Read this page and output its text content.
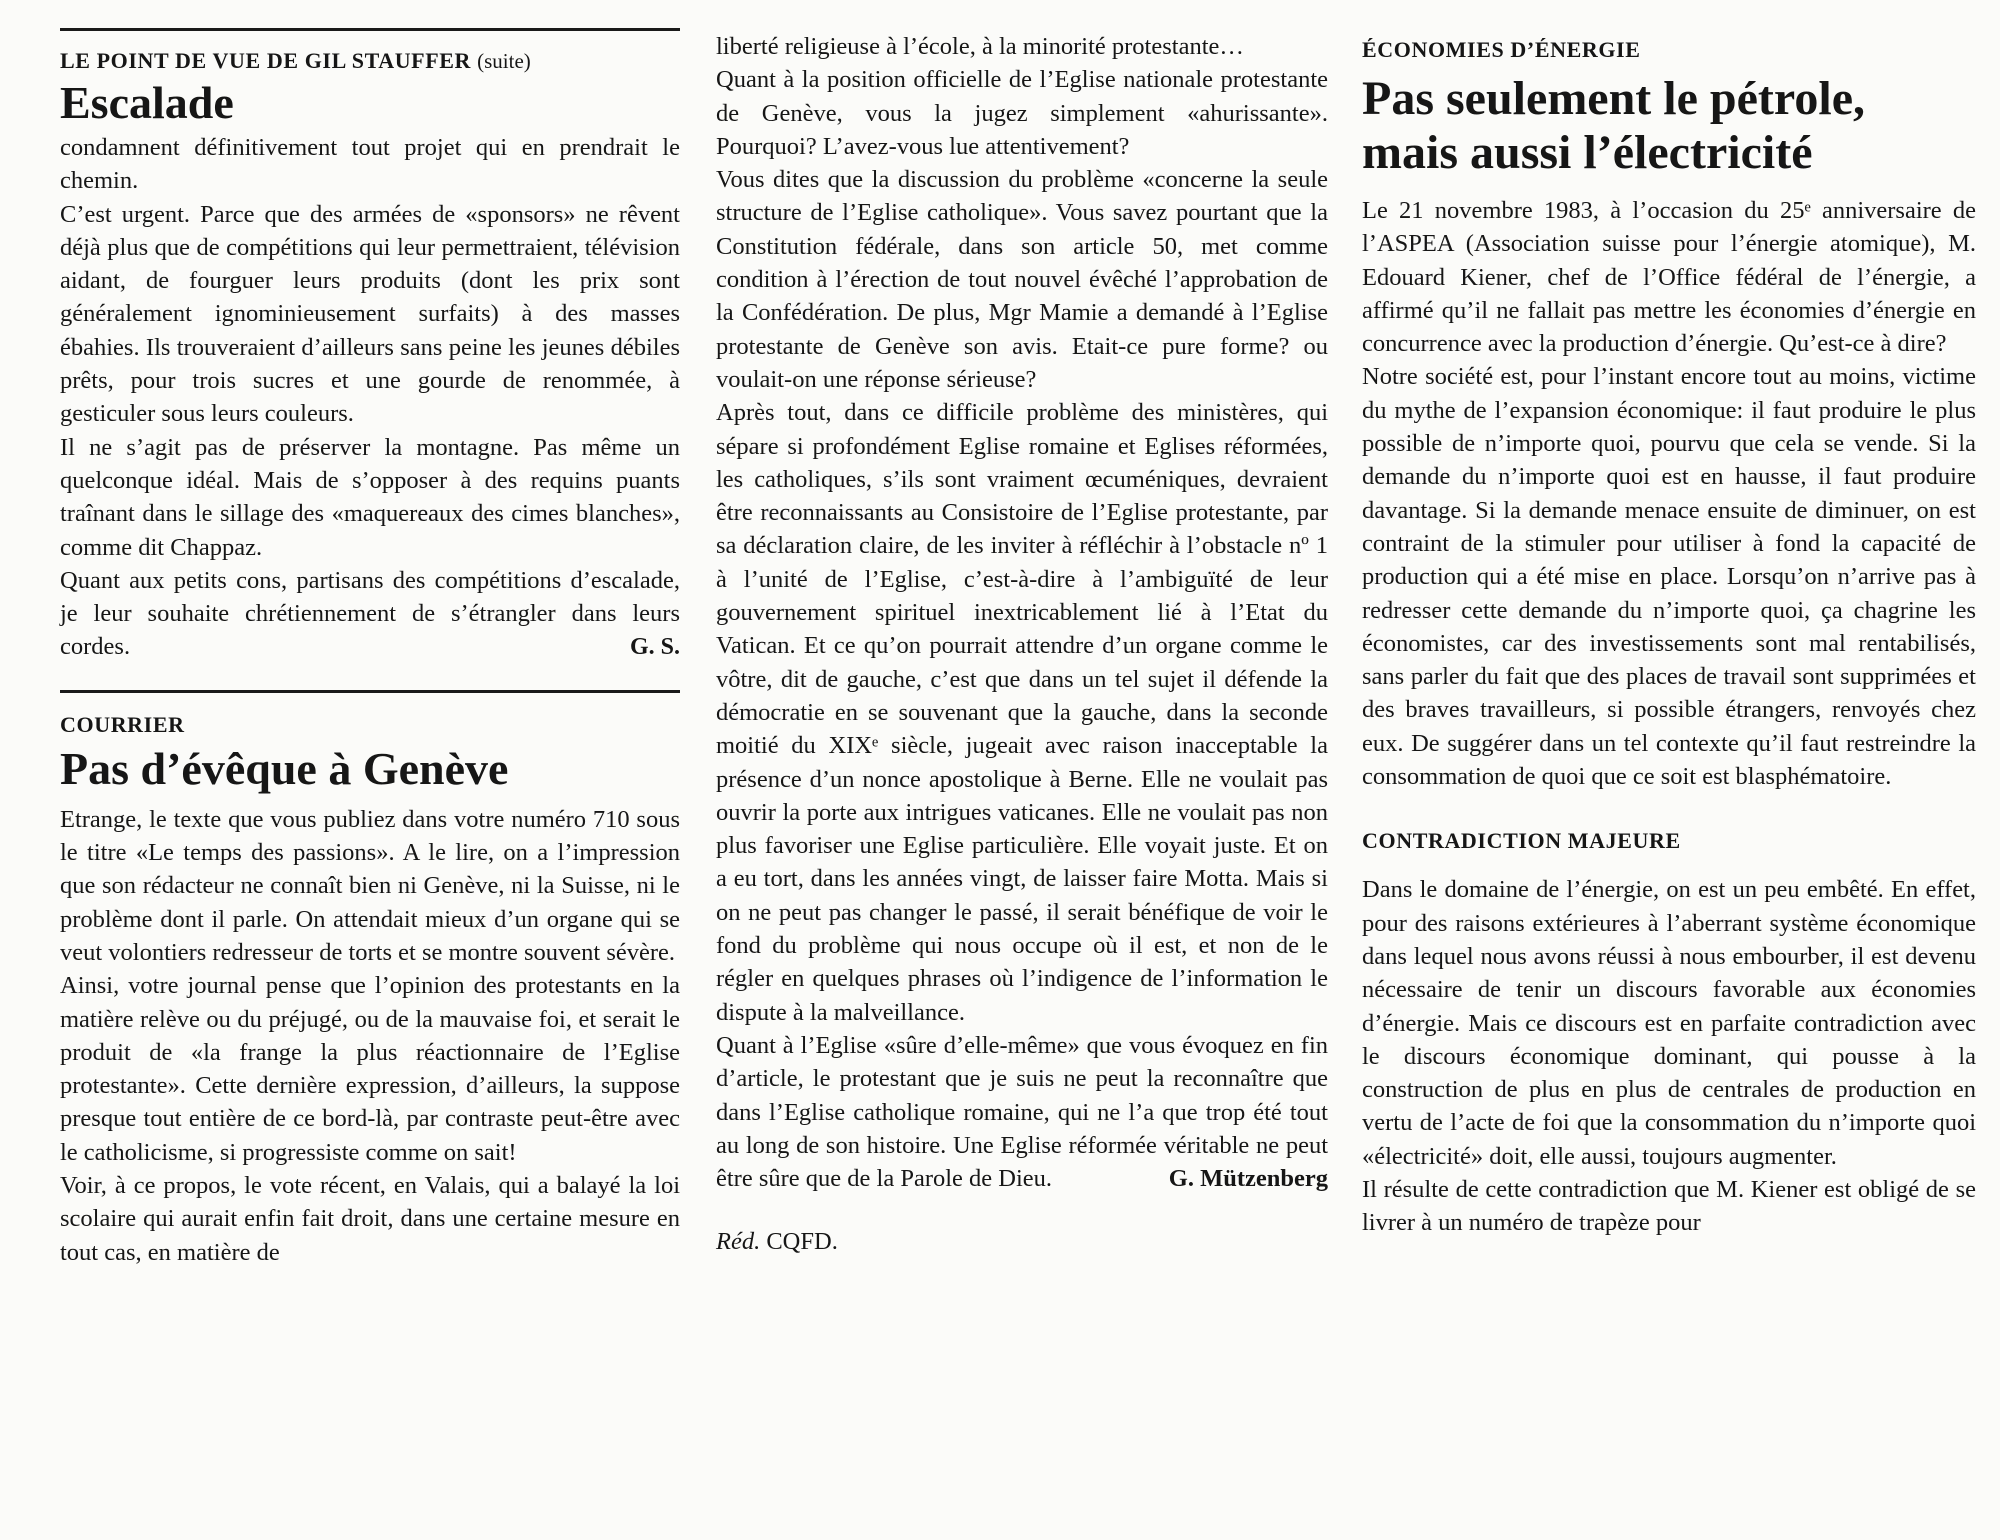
LE POINT DE VUE DE GIL STAUFFER (suite)
Escalade

condamnent définitivement tout projet qui en prendrait le chemin.

C’est urgent. Parce que des armées de «sponsors» ne rêvent déjà plus que de compétitions qui leur permettraient, télévision aidant, de fourguer leurs produits (dont les prix sont généralement ignominieusement surfaits) à des masses ébahies. Ils trouveraient d’ailleurs sans peine les jeunes débiles prêts, pour trois sucres et une gourde de renommée, à gesticuler sous leurs couleurs.

Il ne s’agit pas de préserver la montagne. Pas même un quelconque idéal. Mais de s’opposer à des requins puants traînant dans le sillage des «maquereaux des cimes blanches», comme dit Chappaz.

Quant aux petits cons, partisans des compétitions d’escalade, je leur souhaite chrétiennement de s’étrangler dans leurs cordes.	G. S.
COURRIER
Pas d’évêque à Genève

Etrange, le texte que vous publiez dans votre numéro 710 sous le titre «Le temps des passions». A le lire, on a l’impression que son rédacteur ne connaît bien ni Genève, ni la Suisse, ni le problème dont il parle. On attendait mieux d’un organe qui se veut volontiers redresseur de torts et se montre souvent sévère.

Ainsi, votre journal pense que l’opinion des protestants en la matière relève ou du préjugé, ou de la mauvaise foi, et serait le produit de «la frange la plus réactionnaire de l’Eglise protestante». Cette dernière expression, d’ailleurs, la suppose presque tout entière de ce bord-là, par contraste peut-être avec le catholicisme, si progressiste comme on sait!

Voir, à ce propos, le vote récent, en Valais, qui a balayé la loi scolaire qui aurait enfin fait droit, dans une certaine mesure en tout cas, en matière de

liberté religieuse à l’école, à la minorité protestante…

Quant à la position officielle de l’Eglise nationale protestante de Genève, vous la jugez simplement «ahurissante». Pourquoi? L’avez-vous lue attentivement?

Vous dites que la discussion du problème «concerne la seule structure de l’Eglise catholique». Vous savez pourtant que la Constitution fédérale, dans son article 50, met comme condition à l’érection de tout nouvel évêché l’approbation de la Confédération. De plus, Mgr Mamie a demandé à l’Eglise protestante de Genève son avis. Etait-ce pure forme? ou voulait-on une réponse sérieuse?

Après tout, dans ce difficile problème des ministères, qui sépare si profondément Eglise romaine et Eglises réformées, les catholiques, s’ils sont vraiment œcuméniques, devraient être reconnaissants au Consistoire de l’Eglise protestante, par sa déclaration claire, de les inviter à réfléchir à l’obstacle nº 1 à l’unité de l’Eglise, c’est-à-dire à l’ambiguïté de leur gouvernement spirituel inextricablement lié à l’Etat du Vatican. Et ce qu’on pourrait attendre d’un organe comme le vôtre, dit de gauche, c’est que dans un tel sujet il défende la démocratie en se souvenant que la gauche, dans la seconde moitié du XIXᵉ siècle, jugeait avec raison inacceptable la présence d’un nonce apostolique à Berne. Elle ne voulait pas ouvrir la porte aux intrigues vaticanes. Elle ne voulait pas non plus favoriser une Eglise particulière. Elle voyait juste. Et on a eu tort, dans les années vingt, de laisser faire Motta. Mais si on ne peut pas changer le passé, il serait bénéfique de voir le fond du problème qui nous occupe où il est, et non de le régler en quelques phrases où l’indigence de l’information le dispute à la malveillance.

Quant à l’Eglise «sûre d’elle-même» que vous évoquez en fin d’article, le protestant que je suis ne peut la reconnaître que dans l’Eglise catholique romaine, qui ne l’a que trop été tout au long de son histoire. Une Eglise réformée véritable ne peut être sûre que de la Parole de Dieu.	G. Mützenberg

Réd. CQFD.

ÉCONOMIES D’ÉNERGIE
Pas seulement le pétrole,
mais aussi l’électricité

Le 21 novembre 1983, à l’occasion du 25ᵉ anniversaire de l’ASPEA (Association suisse pour l’énergie atomique), M. Edouard Kiener, chef de l’Office fédéral de l’énergie, a affirmé qu’il ne fallait pas mettre les économies d’énergie en concurrence avec la production d’énergie. Qu’est-ce à dire?

Notre société est, pour l’instant encore tout au moins, victime du mythe de l’expansion économique: il faut produire le plus possible de n’importe quoi, pourvu que cela se vende. Si la demande du n’importe quoi est en hausse, il faut produire davantage. Si la demande menace ensuite de diminuer, on est contraint de la stimuler pour utiliser à fond la capacité de production qui a été mise en place. Lorsqu’on n’arrive pas à redresser cette demande du n’importe quoi, ça chagrine les économistes, car des investissements sont mal rentabilisés, sans parler du fait que des places de travail sont supprimées et des braves travailleurs, si possible étrangers, renvoyés chez eux. De suggérer dans un tel contexte qu’il faut restreindre la consommation de quoi que ce soit est blasphématoire.

CONTRADICTION MAJEURE

Dans le domaine de l’énergie, on est un peu embêté. En effet, pour des raisons extérieures à l’aberrant système économique dans lequel nous avons réussi à nous embourber, il est devenu nécessaire de tenir un discours favorable aux économies d’énergie. Mais ce discours est en parfaite contradiction avec le discours économique dominant, qui pousse à la construction de plus en plus de centrales de production en vertu de l’acte de foi que la consommation du n’importe quoi «électricité» doit, elle aussi, toujours augmenter.

Il résulte de cette contradiction que M. Kiener est obligé de se livrer à un numéro de trapèze pour
